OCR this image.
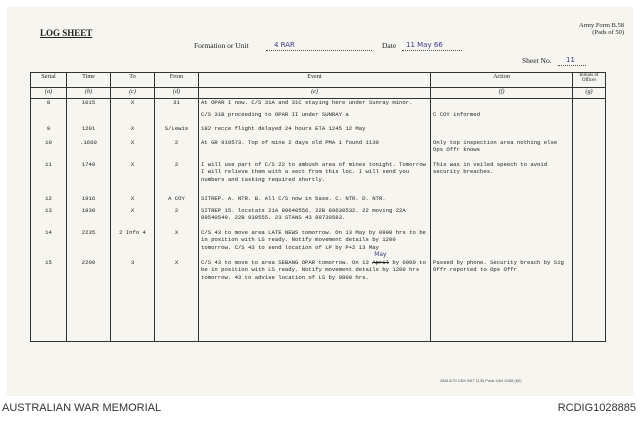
LOG SHEET
Army Form B.58
(Pads of 50)
Formation or Unit	4 RAR	Date 11 May 66
Sheet No. 11
Serial	Time	To	From	Event	Action	Initials of Officer
(a)	(b)	(c)	(d)	(e)	(f)	(g)
8	1015	X	31	At OPAR I now. C/S 31A and 31C staying here under Sunray minor.		
				C/S 31B proceeding to OPAR II under SUNRAY a	C COY informed	
9	1201	X	S/Lewis	182 recce flight delayed 24 hours ETA 1245 12 May		
10	.1660	X	2	At GR 910573. Top of mine 2 days old PMA 1 found 1130	Only top inspection area nothing else Ops Offr knows	
11	1740	X	2	I will use part of C/S 22 to ambush area of mines tonight. Tomorrow I will relieve them with a sect from this loc. I will send you numbers and tasking required shortly.	This was in veiled speech to avoid security breaches.	
12	1916	X	A COY	SITREP. A. NTR. B. All C/S now in base. C. NTR. D. NTR.		
13	1930	X	2	SITREP 15. locstats 21A 89640556. 22B 89630532. 22 moving 22A 89540549. 22B 939555. 23 STANS 43 89730583.		
14	2235	2 Info 4	X	C/S 43 to move area LATE NEWS tomorrow. On 13 May by 0900 hrs to be in position with LS ready. Notify movement details by 1200 tomorrow. C/S 43 to send location of LP by P+2 13 May		
15	2200	3	X	C/S 43 to move to area SEBANG OPAR tomorrow. On 13 April
May
by 0900 to be in position with LS ready. Notify movement details by 1200 hrs tomorrow. 43 to advise location of LS by 0800 hrs.	Passed by phone. Security breach by Sig Offr reported to Ops Offr	

28813/70 13M 9/67 1136 Pads 4/64 9288 (60)
AUSTRALIAN WAR MEMORIAL	RCDIG1028885
